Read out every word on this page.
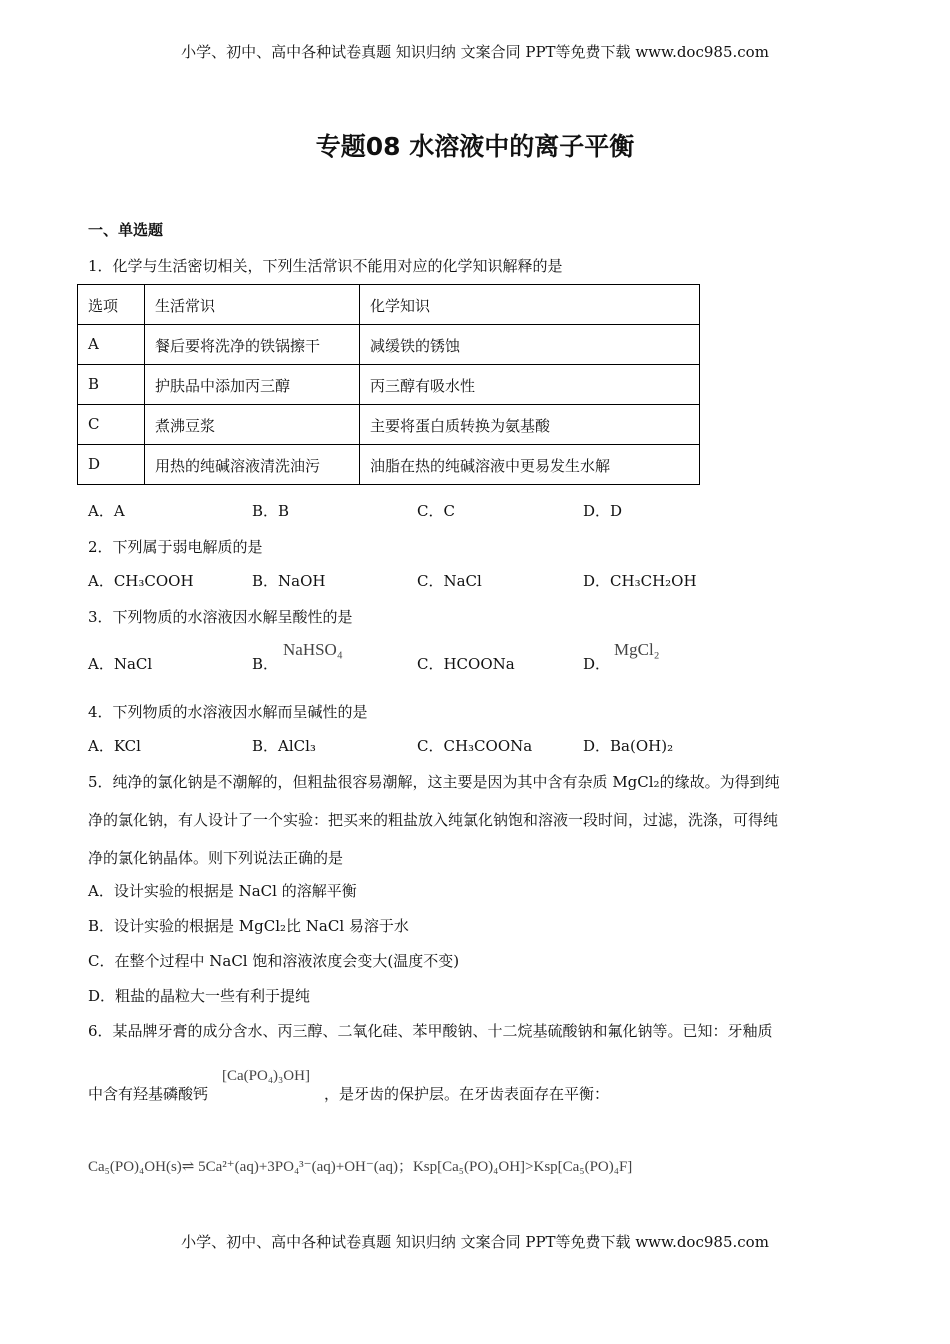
小学、初中、高中各种试卷真题 知识归纳 文案合同 PPT等免费下载 www.doc985.com
专题08 水溶液中的离子平衡
一、单选题
1．化学与生活密切相关，下列生活常识不能用对应的化学知识解释的是
选项	生活常识	化学知识
A	餐后要将洗净的铁锅擦干	减缓铁的锈蚀
B	护肤品中添加丙三醇	丙三醇有吸水性
C	煮沸豆浆	主要将蛋白质转换为氨基酸
D	用热的纯碱溶液清洗油污	油脂在热的纯碱溶液中更易发生水解
A．A	B．B	C．C	D．D
2．下列属于弱电解质的是
A．CH₃COOH	B．NaOH	C．NaCl	D．CH₃CH₂OH
3．下列物质的水溶液因水解呈酸性的是
A．NaCl	B．
NaHSO₄
C．HCOONa	D．
MgCl₂
4．下列物质的水溶液因水解而呈碱性的是
A．KCl	B．AlCl₃	C．CH₃COONa	D．Ba(OH)₂
5．纯净的氯化钠是不潮解的，但粗盐很容易潮解，这主要是因为其中含有杂质 MgCl₂的缘故。为得到纯
净的氯化钠，有人设计了一个实验：把买来的粗盐放入纯氯化钠饱和溶液一段时间，过滤，洗涤，可得纯
净的氯化钠晶体。则下列说法正确的是
A．设计实验的根据是 NaCl 的溶解平衡
B．设计实验的根据是 MgCl₂比 NaCl 易溶于水
C．在整个过程中 NaCl 饱和溶液浓度会变大(温度不变)
D．粗盐的晶粒大一些有利于提纯
6．某品牌牙膏的成分含水、丙三醇、二氧化硅、苯甲酸钠、十二烷基硫酸钠和氟化钠等。已知：牙釉质
[Ca(PO₄)₃OH]
中含有羟基磷酸钙	，是牙齿的保护层。在牙齿表面存在平衡：
Ca₅(PO)₄OH(s)⇌ 5Ca²⁺(aq)+3PO₄³⁻(aq)+OH⁻(aq)；Ksp[Ca₅(PO)₄OH]>Ksp[Ca₅(PO)₄F]
小学、初中、高中各种试卷真题 知识归纳 文案合同 PPT等免费下载 www.doc985.com
